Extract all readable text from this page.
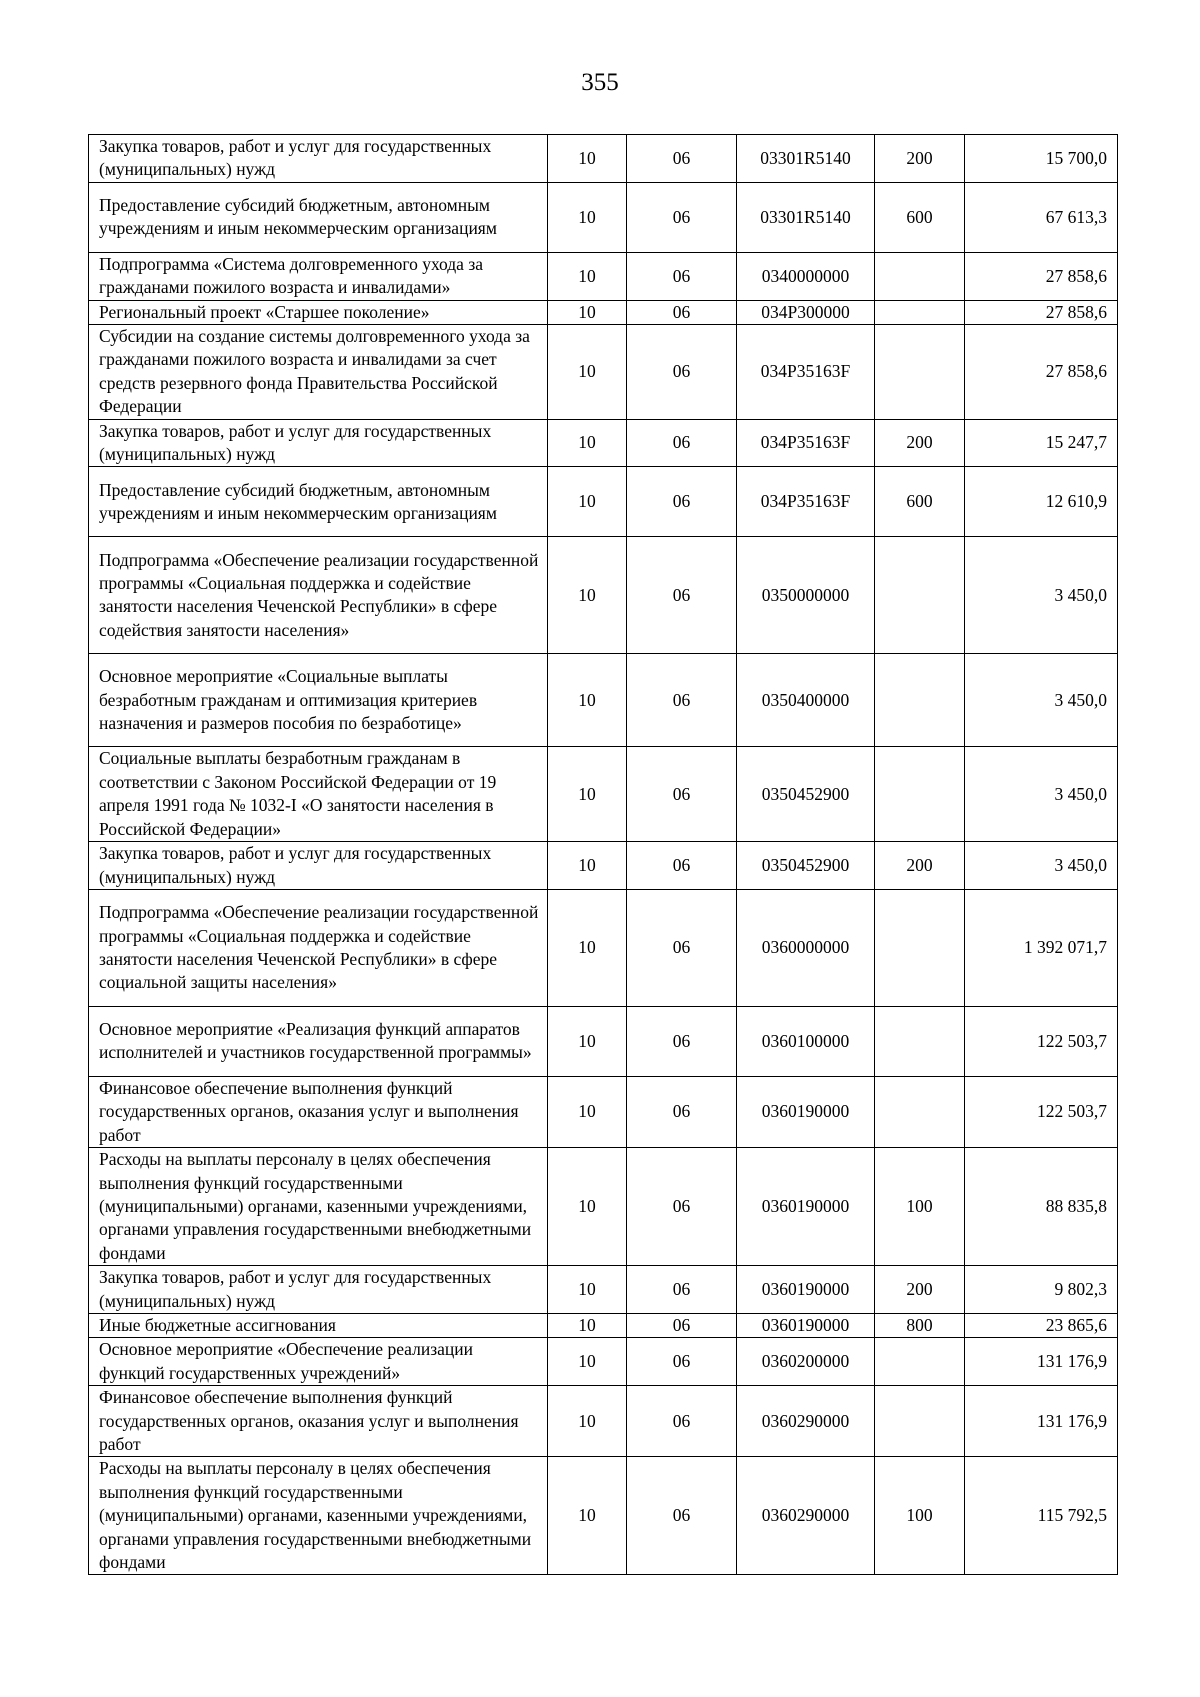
355
Закупка товаров, работ и услуг для государственных (муниципальных) нужд	10	06	03301R5140	200	15 700,0
Предоставление субсидий бюджетным, автономным учреждениям и иным некоммерческим организациям	10	06	03301R5140	600	67 613,3
Подпрограмма «Система долговременного ухода за гражданами пожилого возраста и инвалидами»	10	06	0340000000		27 858,6
Региональный проект «Старшее поколение»	10	06	034P300000		27 858,6
Субсидии на создание системы долговременного ухода за гражданами пожилого возраста и инвалидами за счет средств резервного фонда Правительства Российской Федерации	10	06	034P35163F		27 858,6
Закупка товаров, работ и услуг для государственных (муниципальных) нужд	10	06	034P35163F	200	15 247,7
Предоставление субсидий бюджетным, автономным учреждениям и иным некоммерческим организациям	10	06	034P35163F	600	12 610,9
Подпрограмма «Обеспечение реализации государственной программы «Социальная поддержка и содействие занятости населения Чеченской Республики» в сфере содействия занятости населения»	10	06	0350000000		3 450,0
Основное мероприятие «Социальные выплаты безработным гражданам и оптимизация критериев назначения и размеров пособия по безработице»	10	06	0350400000		3 450,0
Социальные выплаты безработным гражданам в соответствии с Законом Российской Федерации от 19 апреля 1991 года № 1032-I «О занятости населения в Российской Федерации»	10	06	0350452900		3 450,0
Закупка товаров, работ и услуг для государственных (муниципальных) нужд	10	06	0350452900	200	3 450,0
Подпрограмма «Обеспечение реализации государственной программы «Социальная поддержка и содействие занятости населения Чеченской Республики» в сфере социальной защиты населения»	10	06	0360000000		1 392 071,7
Основное мероприятие «Реализация функций аппаратов исполнителей и участников государственной программы»	10	06	0360100000		122 503,7
Финансовое обеспечение выполнения функций государственных органов, оказания услуг и выполнения работ	10	06	0360190000		122 503,7
Расходы на выплаты персоналу в целях обеспечения выполнения функций государственными (муниципальными) органами, казенными учреждениями, органами управления государственными внебюджетными фондами	10	06	0360190000	100	88 835,8
Закупка товаров, работ и услуг для государственных (муниципальных) нужд	10	06	0360190000	200	9 802,3
Иные бюджетные ассигнования	10	06	0360190000	800	23 865,6
Основное мероприятие «Обеспечение реализации функций государственных учреждений»	10	06	0360200000		131 176,9
Финансовое обеспечение выполнения функций государственных органов, оказания услуг и выполнения работ	10	06	0360290000		131 176,9
Расходы на выплаты персоналу в целях обеспечения выполнения функций государственными (муниципальными) органами, казенными учреждениями, органами управления государственными внебюджетными фондами	10	06	0360290000	100	115 792,5
